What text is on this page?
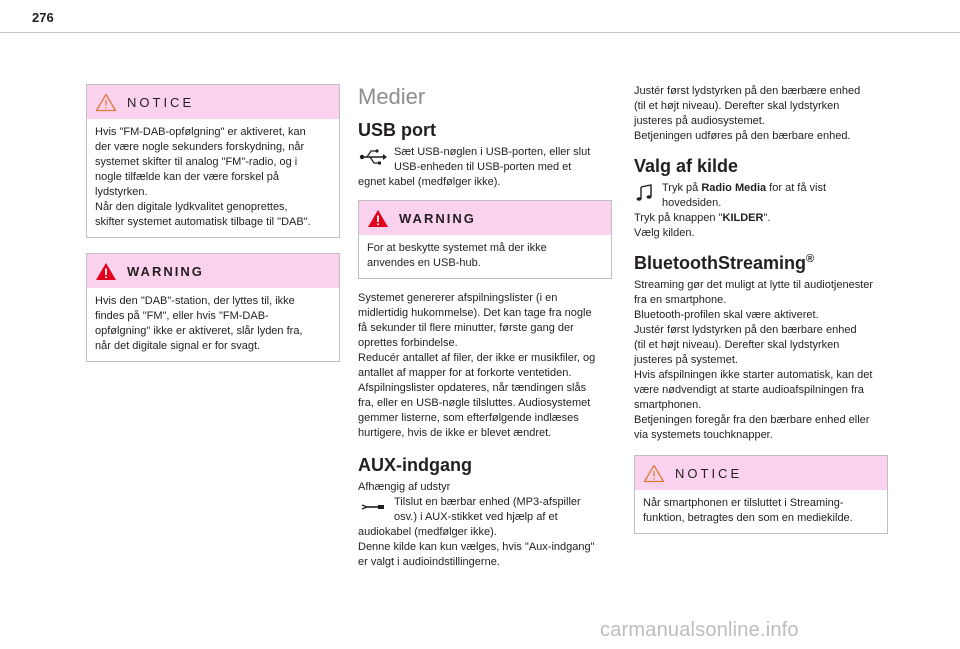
276
NOTICE

Hvis "FM-DAB-opfølgning" er aktiveret, kan

der være nogle sekunders forskydning, når

systemet skifter til analog "FM"-radio, og i

nogle tilfælde kan der være forskel på

lydstyrken.

Når den digitale lydkvalitet genoprettes,

skifter systemet automatisk tilbage til "DAB".

WARNING

Hvis den "DAB"-station, der lyttes til, ikke

findes på "FM", eller hvis "FM-DAB-

opfølgning" ikke er aktiveret, slår lyden fra,

når det digitale signal er for svagt.

Medier
USB port

Sæt USB-nøglen i USB-porten, eller slut

USB-enheden til USB-porten med et

egnet kabel (medfølger ikke).

WARNING

For at beskytte systemet må der ikke

anvendes en USB-hub.

Systemet genererer afspilningslister (i en

midlertidig hukommelse). Det kan tage fra nogle

få sekunder til flere minutter, første gang der

oprettes forbindelse.

Reducér antallet af filer, der ikke er musikfiler, og

antallet af mapper for at forkorte ventetiden.

Afspilningslister opdateres, når tændingen slås

fra, eller en USB-nøgle tilsluttes. Audiosystemet

gemmer listerne, som efterfølgende indlæses

hurtigere, hvis de ikke er blevet ændret.

AUX-indgang

Afhængig af udstyr

Tilslut en bærbar enhed (MP3-afspiller

osv.) i AUX-stikket ved hjælp af et

audiokabel (medfølger ikke).

Denne kilde kan kun vælges, hvis "Aux-indgang"

er valgt i audioindstillingerne.

Justér først lydstyrken på den bærbære enhed

(til et højt niveau). Derefter skal lydstyrken

justeres på audiosystemet.

Betjeningen udføres på den bærbare enhed.

Valg af kilde

Tryk på Radio Media for at få vist

hovedsiden.

Tryk på knappen "KILDER".

Vælg kilden.

BluetoothStreaming®

Streaming gør det muligt at lytte til audiotjenester

fra en smartphone.

Bluetooth-profilen skal være aktiveret.

Justér først lydstyrken på den bærbare enhed

(til et højt niveau). Derefter skal lydstyrken

justeres på systemet.

Hvis afspilningen ikke starter automatisk, kan det

være nødvendigt at starte audioafspilningen fra

smartphonen.

Betjeningen foregår fra den bærbare enhed eller

via systemets touchknapper.

NOTICE

Når smartphonen er tilsluttet i Streaming-

funktion, betragtes den som en mediekilde.

carmanualsonline.info
